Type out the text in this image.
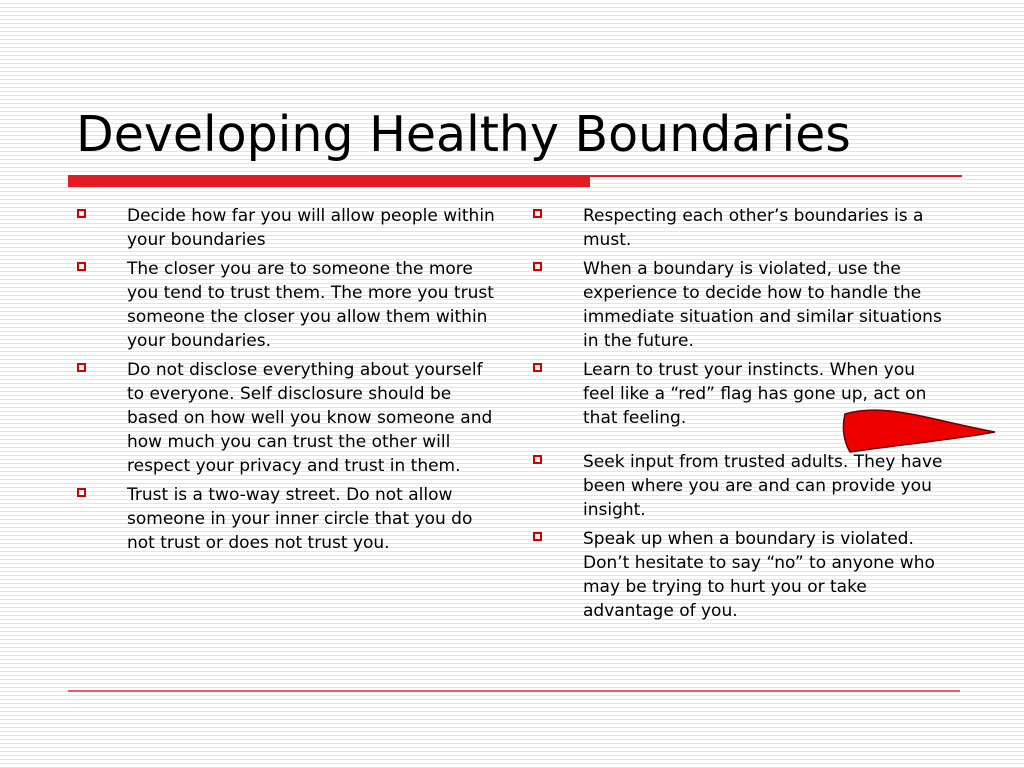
Developing Healthy Boundaries
Decide how far you will allow people within your boundaries
The closer you are to someone the more you tend to trust them. The more you trust someone the closer you allow them within your boundaries.
Do not disclose everything about yourself to everyone. Self disclosure should be based on how well you know someone and how much you can trust the other will respect your privacy and trust in them.
Trust is a two-way street. Do not allow someone in your inner circle that you do not trust or does not trust you.
Respecting each other’s boundaries is a must.
When a boundary is violated, use the experience to decide how to handle the immediate situation and similar situations in the future.
Learn to trust your instincts. When you feel like a “red” flag has gone up, act on that feeling.
Seek input from trusted adults. They have been where you are and can provide you insight.
Speak up when a boundary is violated. Don’t hesitate to say “no” to anyone who may be trying to hurt you or take advantage of you.
